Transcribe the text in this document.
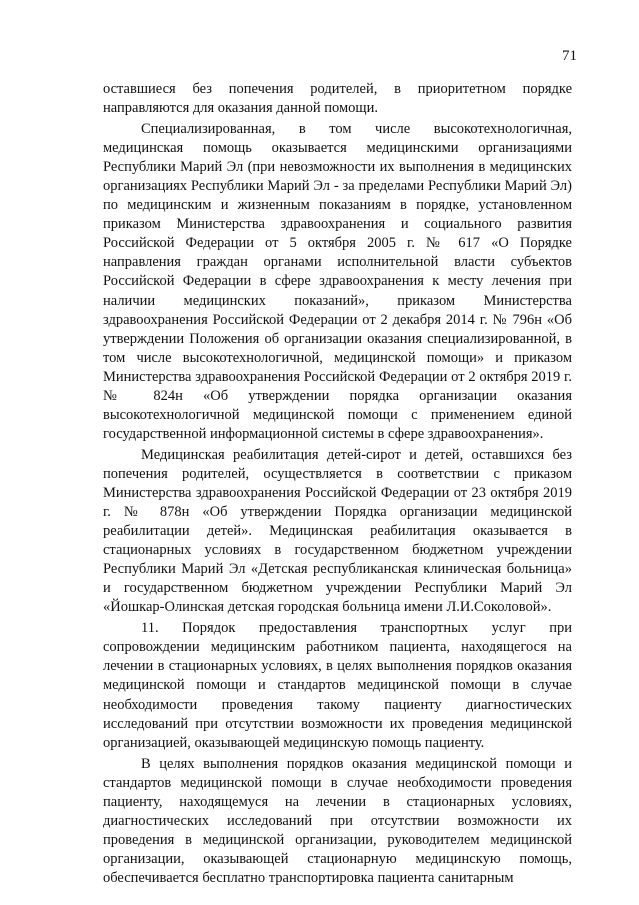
71

оставшиеся без попечения родителей, в приоритетном порядке направляются для оказания данной помощи.

Специализированная, в том числе высокотехнологичная, медицинская помощь оказывается медицинскими организациями Республики Марий Эл (при невозможности их выполнения в медицинских организациях Республики Марий Эл - за пределами Республики Марий Эл) по медицинским и жизненным показаниям в порядке, установленном приказом Министерства здравоохранения и социального развития Российской Федерации от 5 октября 2005 г. № 617 «О Порядке направления граждан органами исполнительной власти субъектов Российской Федерации в сфере здравоохранения к месту лечения при наличии медицинских показаний», приказом Министерства здравоохранения Российской Федерации от 2 декабря 2014 г. № 796н «Об утверждении Положения об организации оказания специализированной, в том числе высокотехнологичной, медицинской помощи» и приказом Министерства здравоохранения Российской Федерации от 2 октября 2019 г. № 824н «Об утверждении порядка организации оказания высокотехнологичной медицинской помощи с применением единой государственной информационной системы в сфере здравоохранения».

Медицинская реабилитация детей-сирот и детей, оставшихся без попечения родителей, осуществляется в соответствии с приказом Министерства здравоохранения Российской Федерации от 23 октября 2019 г. № 878н «Об утверждении Порядка организации медицинской реабилитации детей». Медицинская реабилитация оказывается в стационарных условиях в государственном бюджетном учреждении Республики Марий Эл «Детская республиканская клиническая больница» и государственном бюджетном учреждении Республики Марий Эл «Йошкар-Олинская детская городская больница имени Л.И.Соколовой».

11. Порядок предоставления транспортных услуг при сопровождении медицинским работником пациента, находящегося на лечении в стационарных условиях, в целях выполнения порядков оказания медицинской помощи и стандартов медицинской помощи в случае необходимости проведения такому пациенту диагностических исследований при отсутствии возможности их проведения медицинской организацией, оказывающей медицинскую помощь пациенту.

В целях выполнения порядков оказания медицинской помощи и стандартов медицинской помощи в случае необходимости проведения пациенту, находящемуся на лечении в стационарных условиях, диагностических исследований при отсутствии возможности их проведения в медицинской организации, руководителем медицинской организации, оказывающей стационарную медицинскую помощь, обеспечивается бесплатно транспортировка пациента санитарным
